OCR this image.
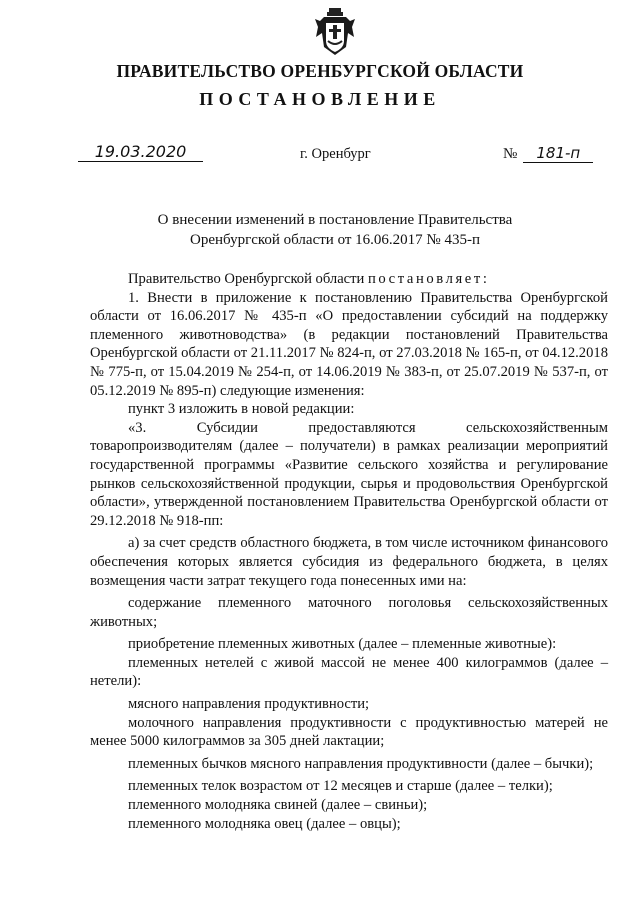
ПРАВИТЕЛЬСТВО ОРЕНБУРГСКОЙ ОБЛАСТИ
ПОСТАНОВЛЕНИЕ
19.03.2020	г. Оренбург	№	181-п
О внесении изменений в постановление Правительства
Оренбургской области от 16.06.2017 № 435-п

Правительство Оренбургской области постановляет:

1. Внести в приложение к постановлению Правительства Оренбургской области от 16.06.2017 № 435-п «О предоставлении субсидий на поддержку племенного животноводства» (в редакции постановлений Правительства Оренбургской области от 21.11.2017 № 824-п, от 27.03.2018 № 165-п, от 04.12.2018 № 775-п, от 15.04.2019 № 254-п, от 14.06.2019 № 383-п, от 25.07.2019 № 537-п, от 05.12.2019 № 895-п) следующие изменения:

пункт 3 изложить в новой редакции:

«3. Субсидии предоставляются сельскохозяйственным товаропроизводителям (далее – получатели) в рамках реализации мероприятий государственной программы «Развитие сельского хозяйства и регулирование рынков сельскохозяйственной продукции, сырья и продовольствия Оренбургской области», утвержденной постановлением Правительства Оренбургской области от 29.12.2018 № 918-пп:

а) за счет средств областного бюджета, в том числе источником финансового обеспечения которых является субсидия из федерального бюджета, в целях возмещения части затрат текущего года понесенных ими на:

содержание племенного маточного поголовья сельскохозяйственных животных;

приобретение племенных животных (далее – племенные животные):

племенных нетелей с живой массой не менее 400 килограммов (далее – нетели):

мясного направления продуктивности;

молочного направления продуктивности с продуктивностью матерей не менее 5000 килограммов за 305 дней лактации;

племенных бычков мясного направления продуктивности (далее – бычки);

племенных телок возрастом от 12 месяцев и старше (далее – телки);

племенного молодняка свиней (далее – свиньи);

племенного молодняка овец (далее – овцы);
